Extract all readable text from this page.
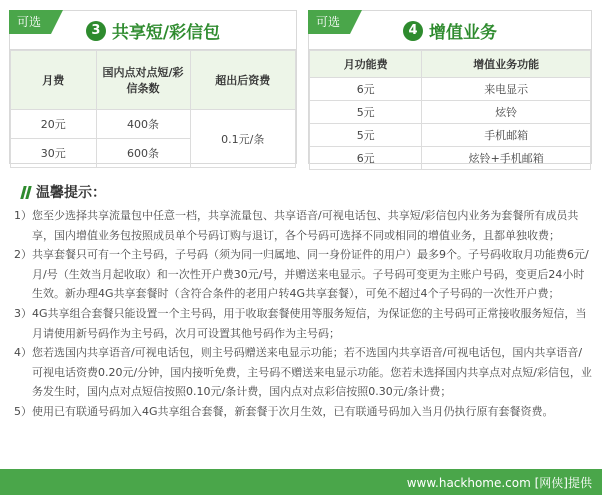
可选
3 共享短/彩信包
月费	国内点对点短/彩信条数	超出后资费
20元	400条	0.1元/条
30元	600条	
可选
4 增值业务
月功能费	增值业务功能
6元	来电显示
5元	炫铃
5元	手机邮箱
6元	炫铃+手机邮箱
温馨提示：
1） 您至少选择共享流量包中任意一档，共享流量包、共享语音/可视电话包、共享短/彩信包内业务为套餐所有成员共享，国内增值业务包按照成员单个号码订购与退订，各个号码可选择不同或相同的增值业务，且都单独收费；
2） 共享套餐只可有一个主号码，子号码（须为同一归属地、同一身份证件的用户）最多9个。子号码收取月功能费6元/月/号（生效当月起收取）和一次性开户费30元/号，并赠送来电显示。子号码可变更为主账户号码，变更后24小时生效。新办理4G共享套餐时（含符合条件的老用户转4G共享套餐），可免不超过4个子号码的一次性开户费；
3） 4G共享组合套餐只能设置一个主号码，用于收取套餐使用等服务短信，为保证您的主号码可正常接收服务短信，当月请使用新号码作为主号码，次月可设置其他号码作为主号码；
4） 您若选国内共享语音/可视电话包，则主号码赠送来电显示功能；若不选国内共享语音/可视电话包，国内共享语音/可视电话资费0.20元/分钟，国内接听免费，主号码不赠送来电显示功能。您若未选择国内共享点对点短/彩信包，业务发生时，国内点对点短信按照0.10元/条计费，国内点对点彩信按照0.30元/条计费；
5） 使用已有联通号码加入4G共享组合套餐，新套餐于次月生效，已有联通号码加入当月仍执行原有套餐资费。
www.hackhome.com [网侠]提供
